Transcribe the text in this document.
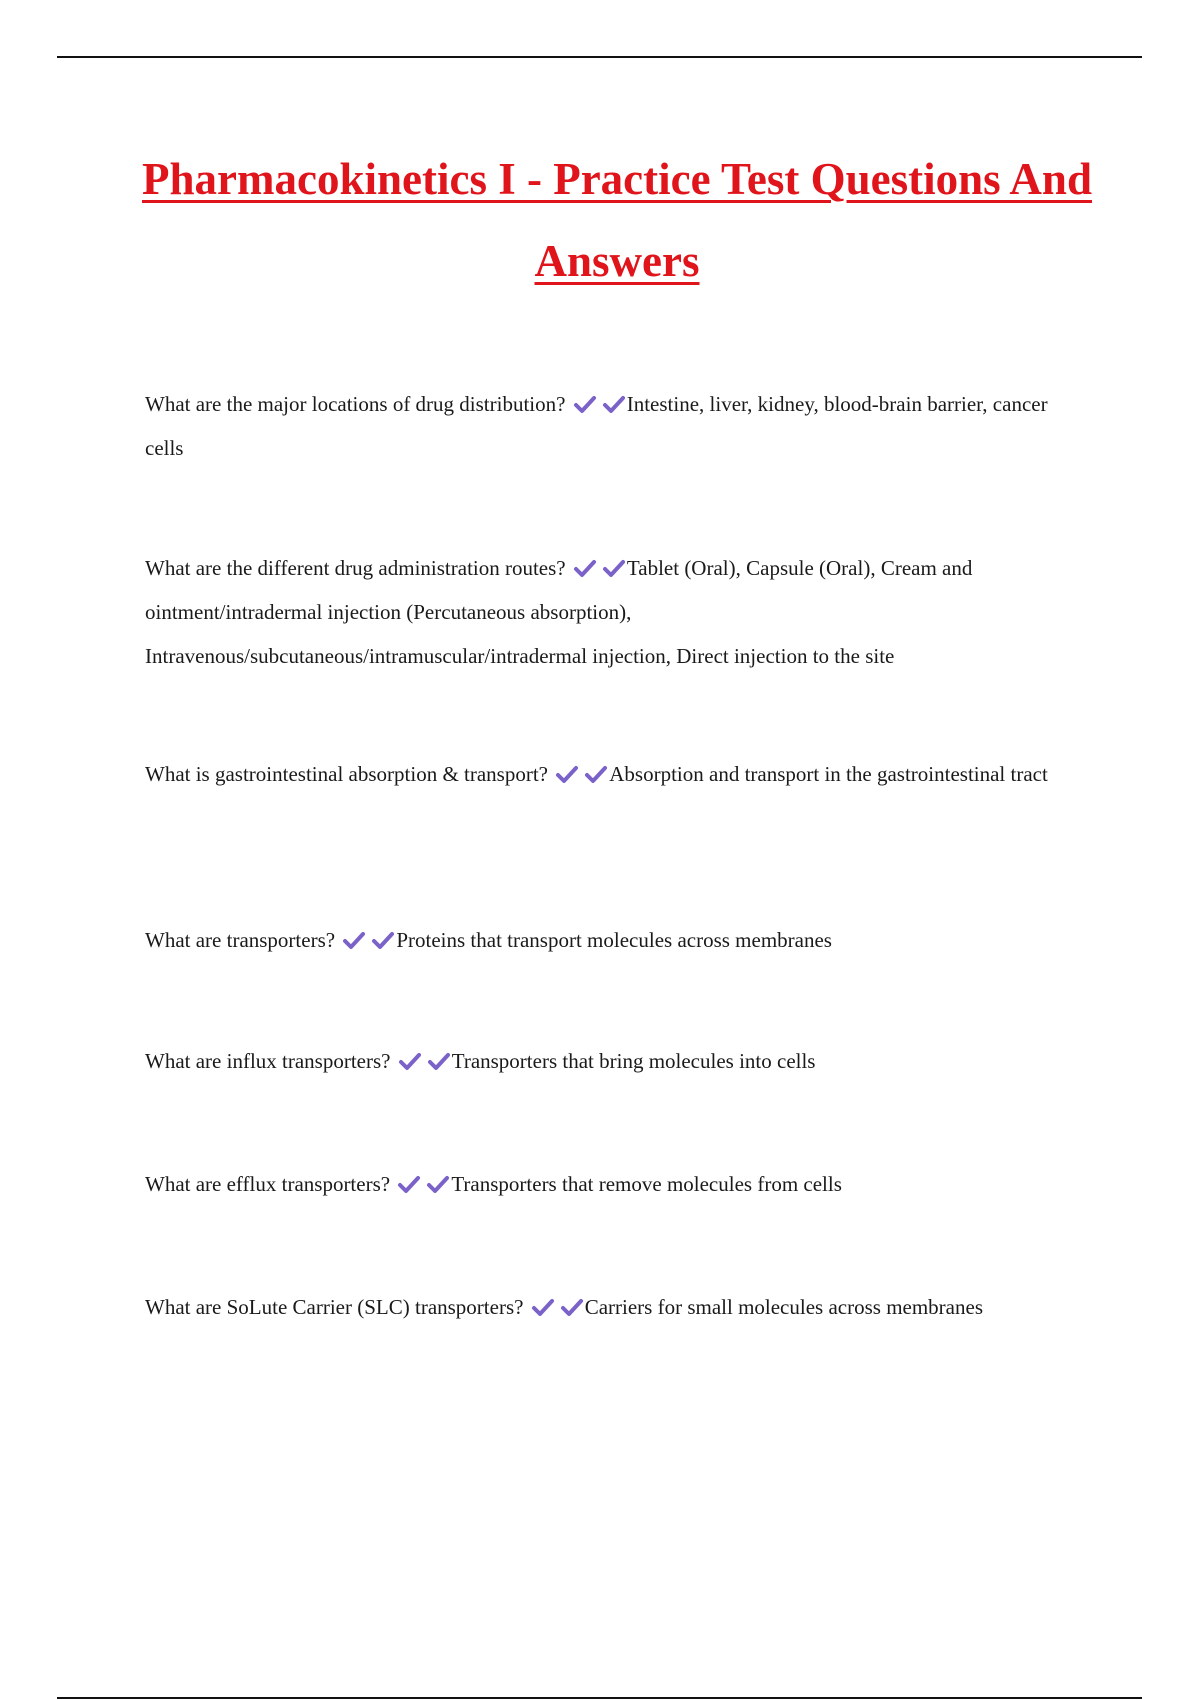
Pharmacokinetics I - Practice Test Questions And Answers

What are the major locations of drug distribution?	Intestine, liver, kidney, blood-brain barrier, cancer cells

What are the different drug administration routes?	Tablet (Oral), Capsule (Oral), Cream and ointment/intradermal injection (Percutaneous absorption), Intravenous/subcutaneous/intramuscular/intradermal injection, Direct injection to the site

What is gastrointestinal absorption & transport?	Absorption and transport in the gastrointestinal tract

What are transporters?	Proteins that transport molecules across membranes

What are influx transporters?	Transporters that bring molecules into cells

What are efflux transporters?	Transporters that remove molecules from cells

What are SoLute Carrier (SLC) transporters?	Carriers for small molecules across membranes
